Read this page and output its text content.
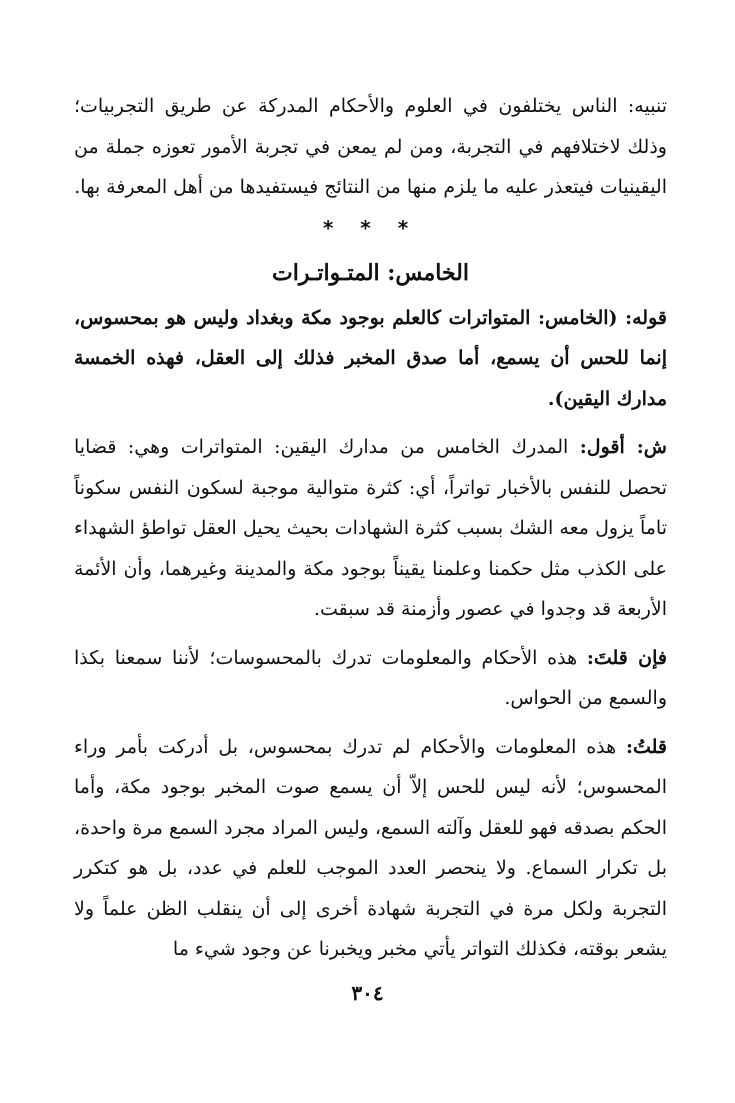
تنبيه: الناس يختلفون في العلوم والأحكام المدركة عن طريق التجربيات؛ وذلك لاختلافهم في التجربة، ومن لم يمعن في تجربة الأمور تعوزه جملة من اليقينيات فيتعذر عليه ما يلزم منها من النتائج فيستفيدها من أهل المعرفة بها.

* * *
الخامس: المتـواتـرات

قوله: (الخامس: المتواترات كالعلم بوجود مكة وبغداد وليس هو بمحسوس، إنما للحس أن يسمع، أما صدق المخبر فذلك إلى العقل، فهذه الخمسة مدارك اليقين).

ش: أقول: المدرك الخامس من مدارك اليقين: المتواترات وهي: قضايا تحصل للنفس بالأخبار تواتراً، أي: كثرة متوالية موجبة لسكون النفس سكوناً تاماً يزول معه الشك بسبب كثرة الشهادات بحيث يحيل العقل تواطؤ الشهداء على الكذب مثل حكمنا وعلمنا يقيناً بوجود مكة والمدينة وغيرهما، وأن الأئمة الأربعة قد وجدوا في عصور وأزمنة قد سبقت.

فإن قلتَ: هذه الأحكام والمعلومات تدرك بالمحسوسات؛ لأننا سمعنا بكذا والسمع من الحواس.

قلتُ: هذه المعلومات والأحكام لم تدرك بمحسوس، بل أدركت بأمر وراء المحسوس؛ لأنه ليس للحس إلاّ أن يسمع صوت المخبر بوجود مكة، وأما الحكم بصدقه فهو للعقل وآلته السمع، وليس المراد مجرد السمع مرة واحدة، بل تكرار السماع. ولا ينحصر العدد الموجب للعلم في عدد، بل هو كتكرر التجربة ولكل مرة في التجربة شهادة أخرى إلى أن ينقلب الظن علماً ولا يشعر بوقته، فكذلك التواتر يأتي مخبر ويخبرنا عن وجود شيء ما

٣٠٤
